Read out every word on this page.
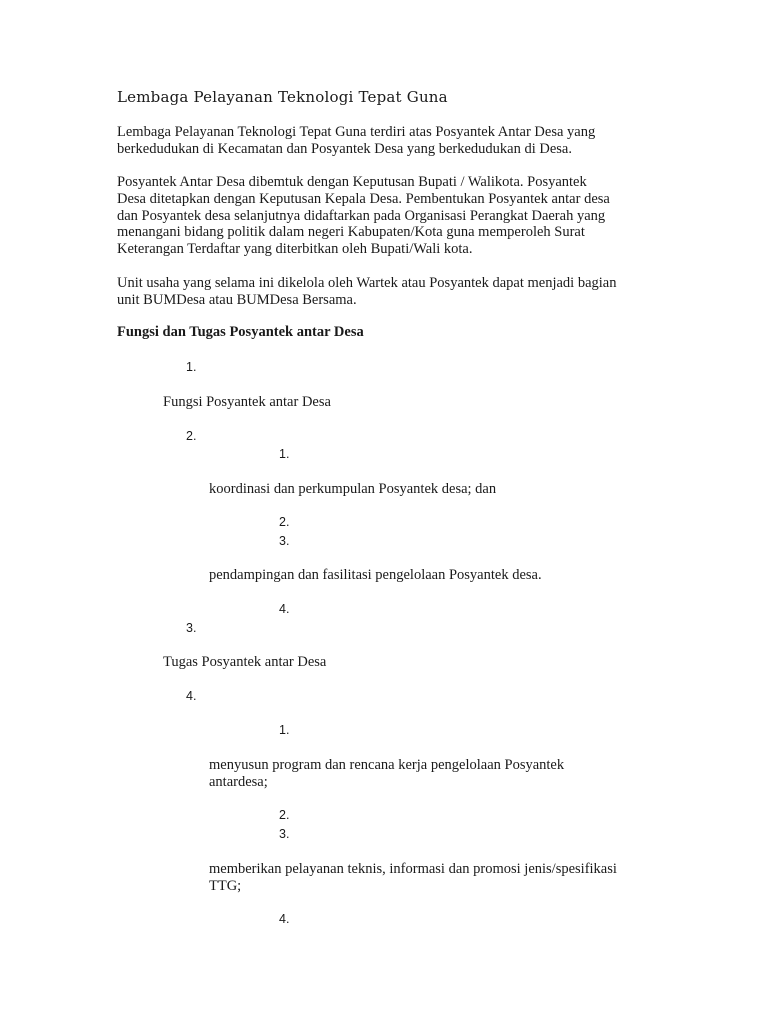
Lembaga Pelayanan Teknologi Tepat Guna
Lembaga Pelayanan Teknologi Tepat Guna terdiri atas Posyantek Antar Desa yang
berkedudukan di Kecamatan dan Posyantek Desa yang berkedudukan di Desa.
Posyantek Antar Desa dibemtuk dengan Keputusan Bupati / Walikota. Posyantek
Desa ditetapkan dengan Keputusan Kepala Desa. Pembentukan Posyantek antar desa
dan Posyantek desa selanjutnya didaftarkan pada Organisasi Perangkat Daerah yang
menangani bidang politik dalam negeri Kabupaten/Kota guna memperoleh Surat
Keterangan Terdaftar yang diterbitkan oleh Bupati/Wali kota.
Unit usaha yang selama ini dikelola oleh Wartek atau Posyantek dapat menjadi bagian
unit BUMDesa atau BUMDesa Bersama.
Fungsi dan Tugas Posyantek antar Desa
1.
Fungsi Posyantek antar Desa
2.
1.
koordinasi dan perkumpulan Posyantek desa; dan
2.
3.
pendampingan dan fasilitasi pengelolaan Posyantek desa.
4.
3.
Tugas Posyantek antar Desa
4.
1.
menyusun program dan rencana kerja pengelolaan Posyantek
antardesa;
2.
3.
memberikan pelayanan teknis, informasi dan promosi jenis/spesifikasi
TTG;
4.
